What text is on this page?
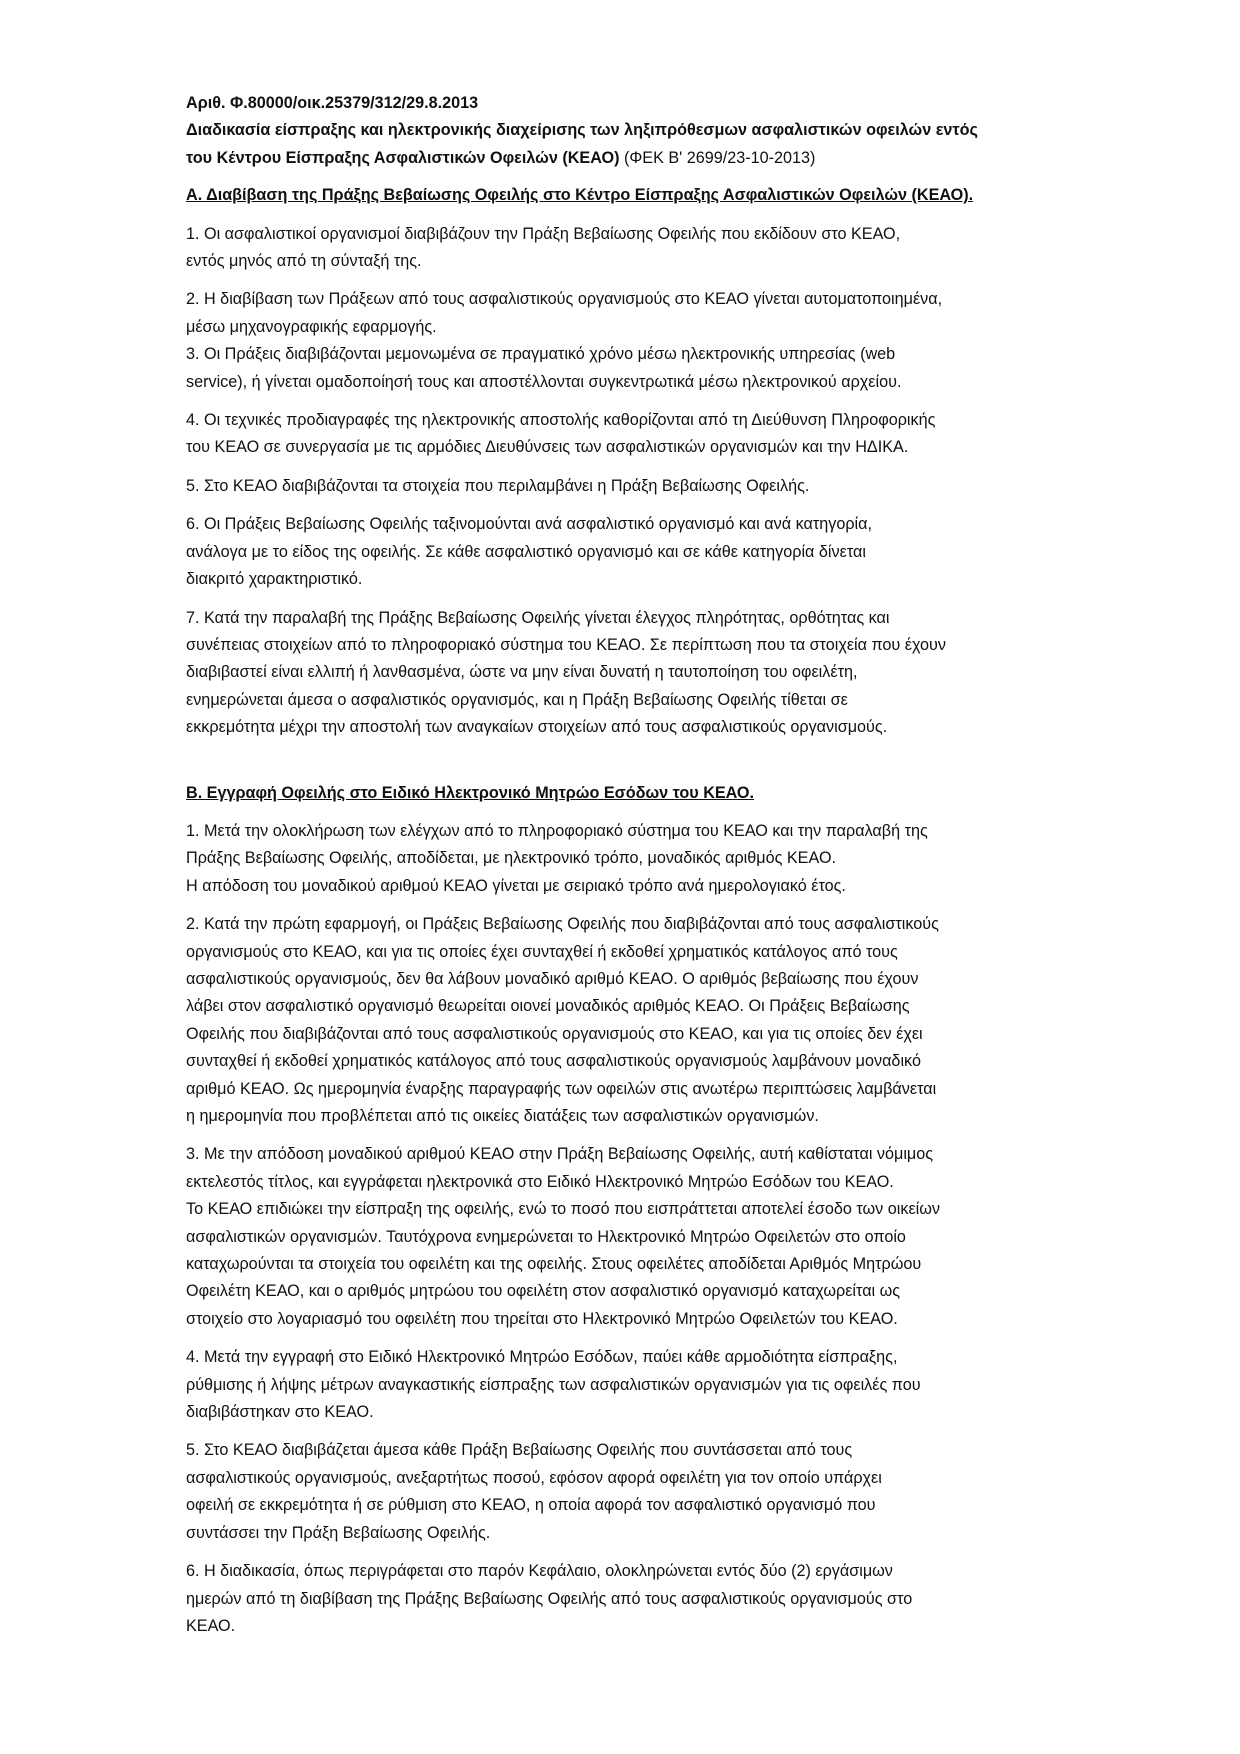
Αριθ. Φ.80000/οικ.25379/312/29.8.2013
Διαδικασία είσπραξης και ηλεκτρονικής διαχείρισης των ληξιπρόθεσμων ασφαλιστικών οφειλών εντός
του Κέντρου Είσπραξης Ασφαλιστικών Οφειλών (ΚΕΑΟ) (ΦΕΚ Β' 2699/23-10-2013)
Α. Διαβίβαση της Πράξης Βεβαίωσης Οφειλής στο Κέντρο Είσπραξης Ασφαλιστικών Οφειλών (ΚΕΑΟ).
1. Οι ασφαλιστικοί οργανισμοί διαβιβάζουν την Πράξη Βεβαίωσης Οφειλής που εκδίδουν στο ΚΕΑΟ,
εντός μηνός από τη σύνταξή της.
2. Η διαβίβαση των Πράξεων από τους ασφαλιστικούς οργανισμούς στο ΚΕΑΟ γίνεται αυτοματοποιημένα,
μέσω μηχανογραφικής εφαρμογής.
3. Οι Πράξεις διαβιβάζονται μεμονωμένα σε πραγματικό χρόνο μέσω ηλεκτρονικής υπηρεσίας (web
service), ή γίνεται ομαδοποίησή τους και αποστέλλονται συγκεντρωτικά μέσω ηλεκτρονικού αρχείου.
4. Οι τεχνικές προδιαγραφές της ηλεκτρονικής αποστολής καθορίζονται από τη Διεύθυνση Πληροφορικής
του ΚΕΑΟ σε συνεργασία με τις αρμόδιες Διευθύνσεις των ασφαλιστικών οργανισμών και την ΗΔΙΚΑ.
5. Στο ΚΕΑΟ διαβιβάζονται τα στοιχεία που περιλαμβάνει η Πράξη Βεβαίωσης Οφειλής.
6. Οι Πράξεις Βεβαίωσης Οφειλής ταξινομούνται ανά ασφαλιστικό οργανισμό και ανά κατηγορία,
ανάλογα με το είδος της οφειλής. Σε κάθε ασφαλιστικό οργανισμό και σε κάθε κατηγορία δίνεται
διακριτό χαρακτηριστικό.
7. Κατά την παραλαβή της Πράξης Βεβαίωσης Οφειλής γίνεται έλεγχος πληρότητας, ορθότητας και
συνέπειας στοιχείων από το πληροφοριακό σύστημα του ΚΕΑΟ. Σε περίπτωση που τα στοιχεία που έχουν
διαβιβαστεί είναι ελλιπή ή λανθασμένα, ώστε να μην είναι δυνατή η ταυτοποίηση του οφειλέτη,
ενημερώνεται άμεσα ο ασφαλιστικός οργανισμός, και η Πράξη Βεβαίωσης Οφειλής τίθεται σε
εκκρεμότητα μέχρι την αποστολή των αναγκαίων στοιχείων από τους ασφαλιστικούς οργανισμούς.
Β. Εγγραφή Οφειλής στο Ειδικό Ηλεκτρονικό Μητρώο Εσόδων του ΚΕΑΟ.
1. Μετά την ολοκλήρωση των ελέγχων από το πληροφοριακό σύστημα του ΚΕΑΟ και την παραλαβή της
Πράξης Βεβαίωσης Οφειλής, αποδίδεται, με ηλεκτρονικό τρόπο, μοναδικός αριθμός ΚΕΑΟ.
Η απόδοση του μοναδικού αριθμού ΚΕΑΟ γίνεται με σειριακό τρόπο ανά ημερολογιακό έτος.
2. Κατά την πρώτη εφαρμογή, οι Πράξεις Βεβαίωσης Οφειλής που διαβιβάζονται από τους ασφαλιστικούς
οργανισμούς στο ΚΕΑΟ, και για τις οποίες έχει συνταχθεί ή εκδοθεί χρηματικός κατάλογος από τους
ασφαλιστικούς οργανισμούς, δεν θα λάβουν μοναδικό αριθμό ΚΕΑΟ. Ο αριθμός βεβαίωσης που έχουν
λάβει στον ασφαλιστικό οργανισμό θεωρείται οιονεί μοναδικός αριθμός ΚΕΑΟ. Οι Πράξεις Βεβαίωσης
Οφειλής που διαβιβάζονται από τους ασφαλιστικούς οργανισμούς στο ΚΕΑΟ, και για τις οποίες δεν έχει
συνταχθεί ή εκδοθεί χρηματικός κατάλογος από τους ασφαλιστικούς οργανισμούς λαμβάνουν μοναδικό
αριθμό ΚΕΑΟ. Ως ημερομηνία έναρξης παραγραφής των οφειλών στις ανωτέρω περιπτώσεις λαμβάνεται
η ημερομηνία που προβλέπεται από τις οικείες διατάξεις των ασφαλιστικών οργανισμών.
3. Με την απόδοση μοναδικού αριθμού ΚΕΑΟ στην Πράξη Βεβαίωσης Οφειλής, αυτή καθίσταται νόμιμος
εκτελεστός τίτλος, και εγγράφεται ηλεκτρονικά στο Ειδικό Ηλεκτρονικό Μητρώο Εσόδων του ΚΕΑΟ.
Το ΚΕΑΟ επιδιώκει την είσπραξη της οφειλής, ενώ το ποσό που εισπράττεται αποτελεί έσοδο των οικείων
ασφαλιστικών οργανισμών. Ταυτόχρονα ενημερώνεται το Ηλεκτρονικό Μητρώο Οφειλετών στο οποίο
καταχωρούνται τα στοιχεία του οφειλέτη και της οφειλής. Στους οφειλέτες αποδίδεται Αριθμός Μητρώου
Οφειλέτη ΚΕΑΟ, και ο αριθμός μητρώου του οφειλέτη στον ασφαλιστικό οργανισμό καταχωρείται ως
στοιχείο στο λογαριασμό του οφειλέτη που τηρείται στο Ηλεκτρονικό Μητρώο Οφειλετών του ΚΕΑΟ.
4. Μετά την εγγραφή στο Ειδικό Ηλεκτρονικό Μητρώο Εσόδων, παύει κάθε αρμοδιότητα είσπραξης,
ρύθμισης ή λήψης μέτρων αναγκαστικής είσπραξης των ασφαλιστικών οργανισμών για τις οφειλές που
διαβιβάστηκαν στο ΚΕΑΟ.
5. Στο ΚΕΑΟ διαβιβάζεται άμεσα κάθε Πράξη Βεβαίωσης Οφειλής που συντάσσεται από τους
ασφαλιστικούς οργανισμούς, ανεξαρτήτως ποσού, εφόσον αφορά οφειλέτη για τον οποίο υπάρχει
οφειλή σε εκκρεμότητα ή σε ρύθμιση στο ΚΕΑΟ, η οποία αφορά τον ασφαλιστικό οργανισμό που
συντάσσει την Πράξη Βεβαίωσης Οφειλής.
6. Η διαδικασία, όπως περιγράφεται στο παρόν Κεφάλαιο, ολοκληρώνεται εντός δύο (2) εργάσιμων
ημερών από τη διαβίβαση της Πράξης Βεβαίωσης Οφειλής από τους ασφαλιστικούς οργανισμούς στο
ΚΕΑΟ.
